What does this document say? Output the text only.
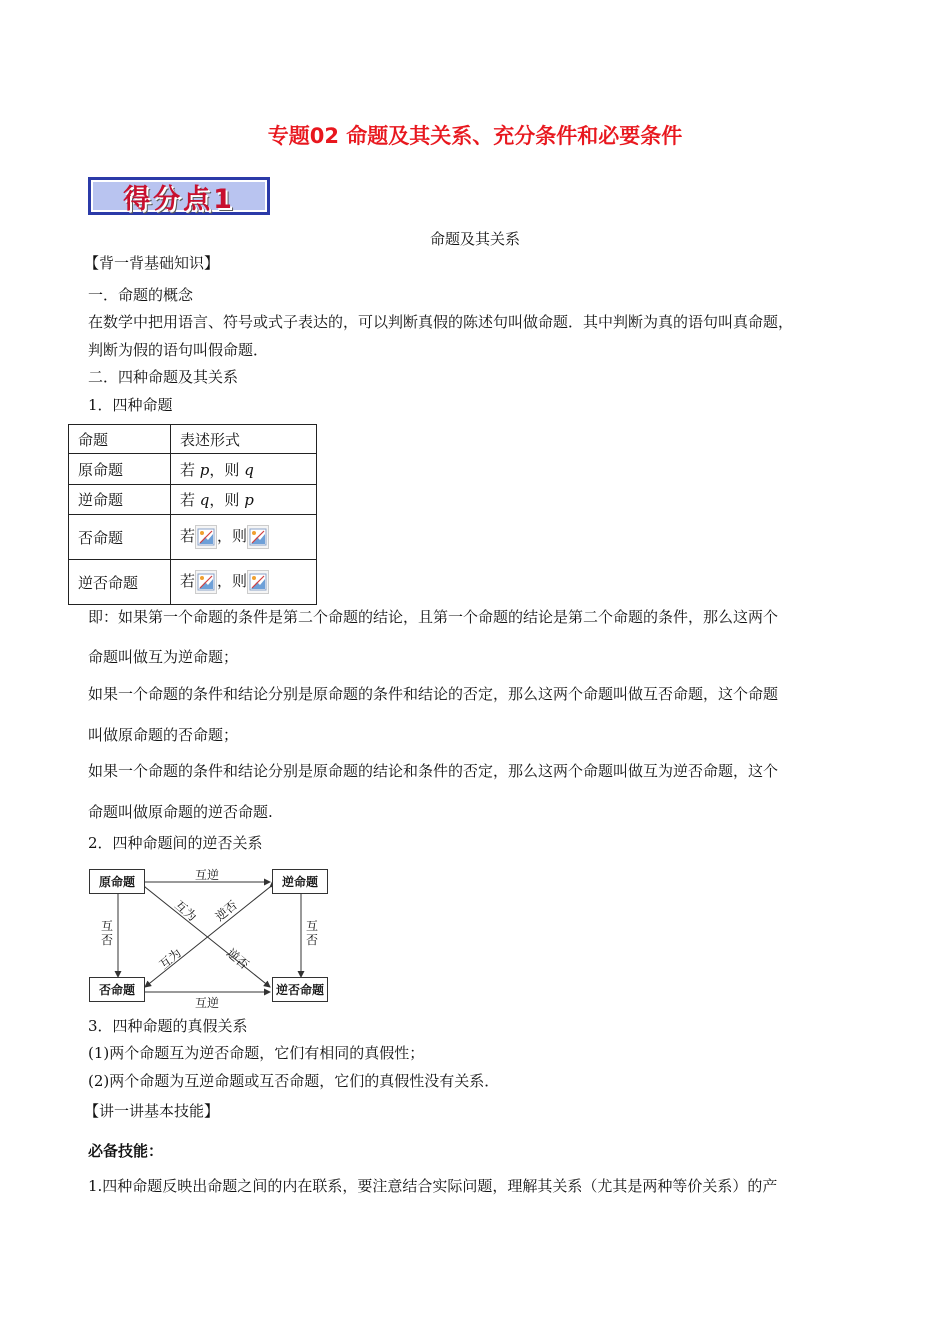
专题02 命题及其关系、充分条件和必要条件
得分点1
命题及其关系
【背一背基础知识】
一．命题的概念
在数学中把用语言、符号或式子表达的，可以判断真假的陈述句叫做命题．其中判断为真的语句叫真命题，
判断为假的语句叫假命题．
二．四种命题及其关系
1．四种命题
命题	表述形式
原命题	若 p，则 q
逆命题	若 q，则 p
否命题	若 ，则

逆否命题	若 ，则
即：如果第一个命题的条件是第二个命题的结论，且第一个命题的结论是第二个命题的条件，那么这两个
命题叫做互为逆命题；
如果一个命题的条件和结论分别是原命题的条件和结论的否定，那么这两个命题叫做互否命题，这个命题
叫做原命题的否命题；
如果一个命题的条件和结论分别是原命题的结论和条件的否定，那么这两个命题叫做互为逆否命题，这个
命题叫做原命题的逆否命题.
2．四种命题间的逆否关系
原命题	逆命题
否命题	逆否命题
互逆
互逆
互否
互否
互为
逆否
逆否
互为
3．四种命题的真假关系
(1)两个命题互为逆否命题，它们有相同的真假性；
(2)两个命题为互逆命题或互否命题，它们的真假性没有关系．
【讲一讲基本技能】
必备技能：
1.四种命题反映出命题之间的内在联系，要注意结合实际问题，理解其关系（尤其是两种等价关系）的产
